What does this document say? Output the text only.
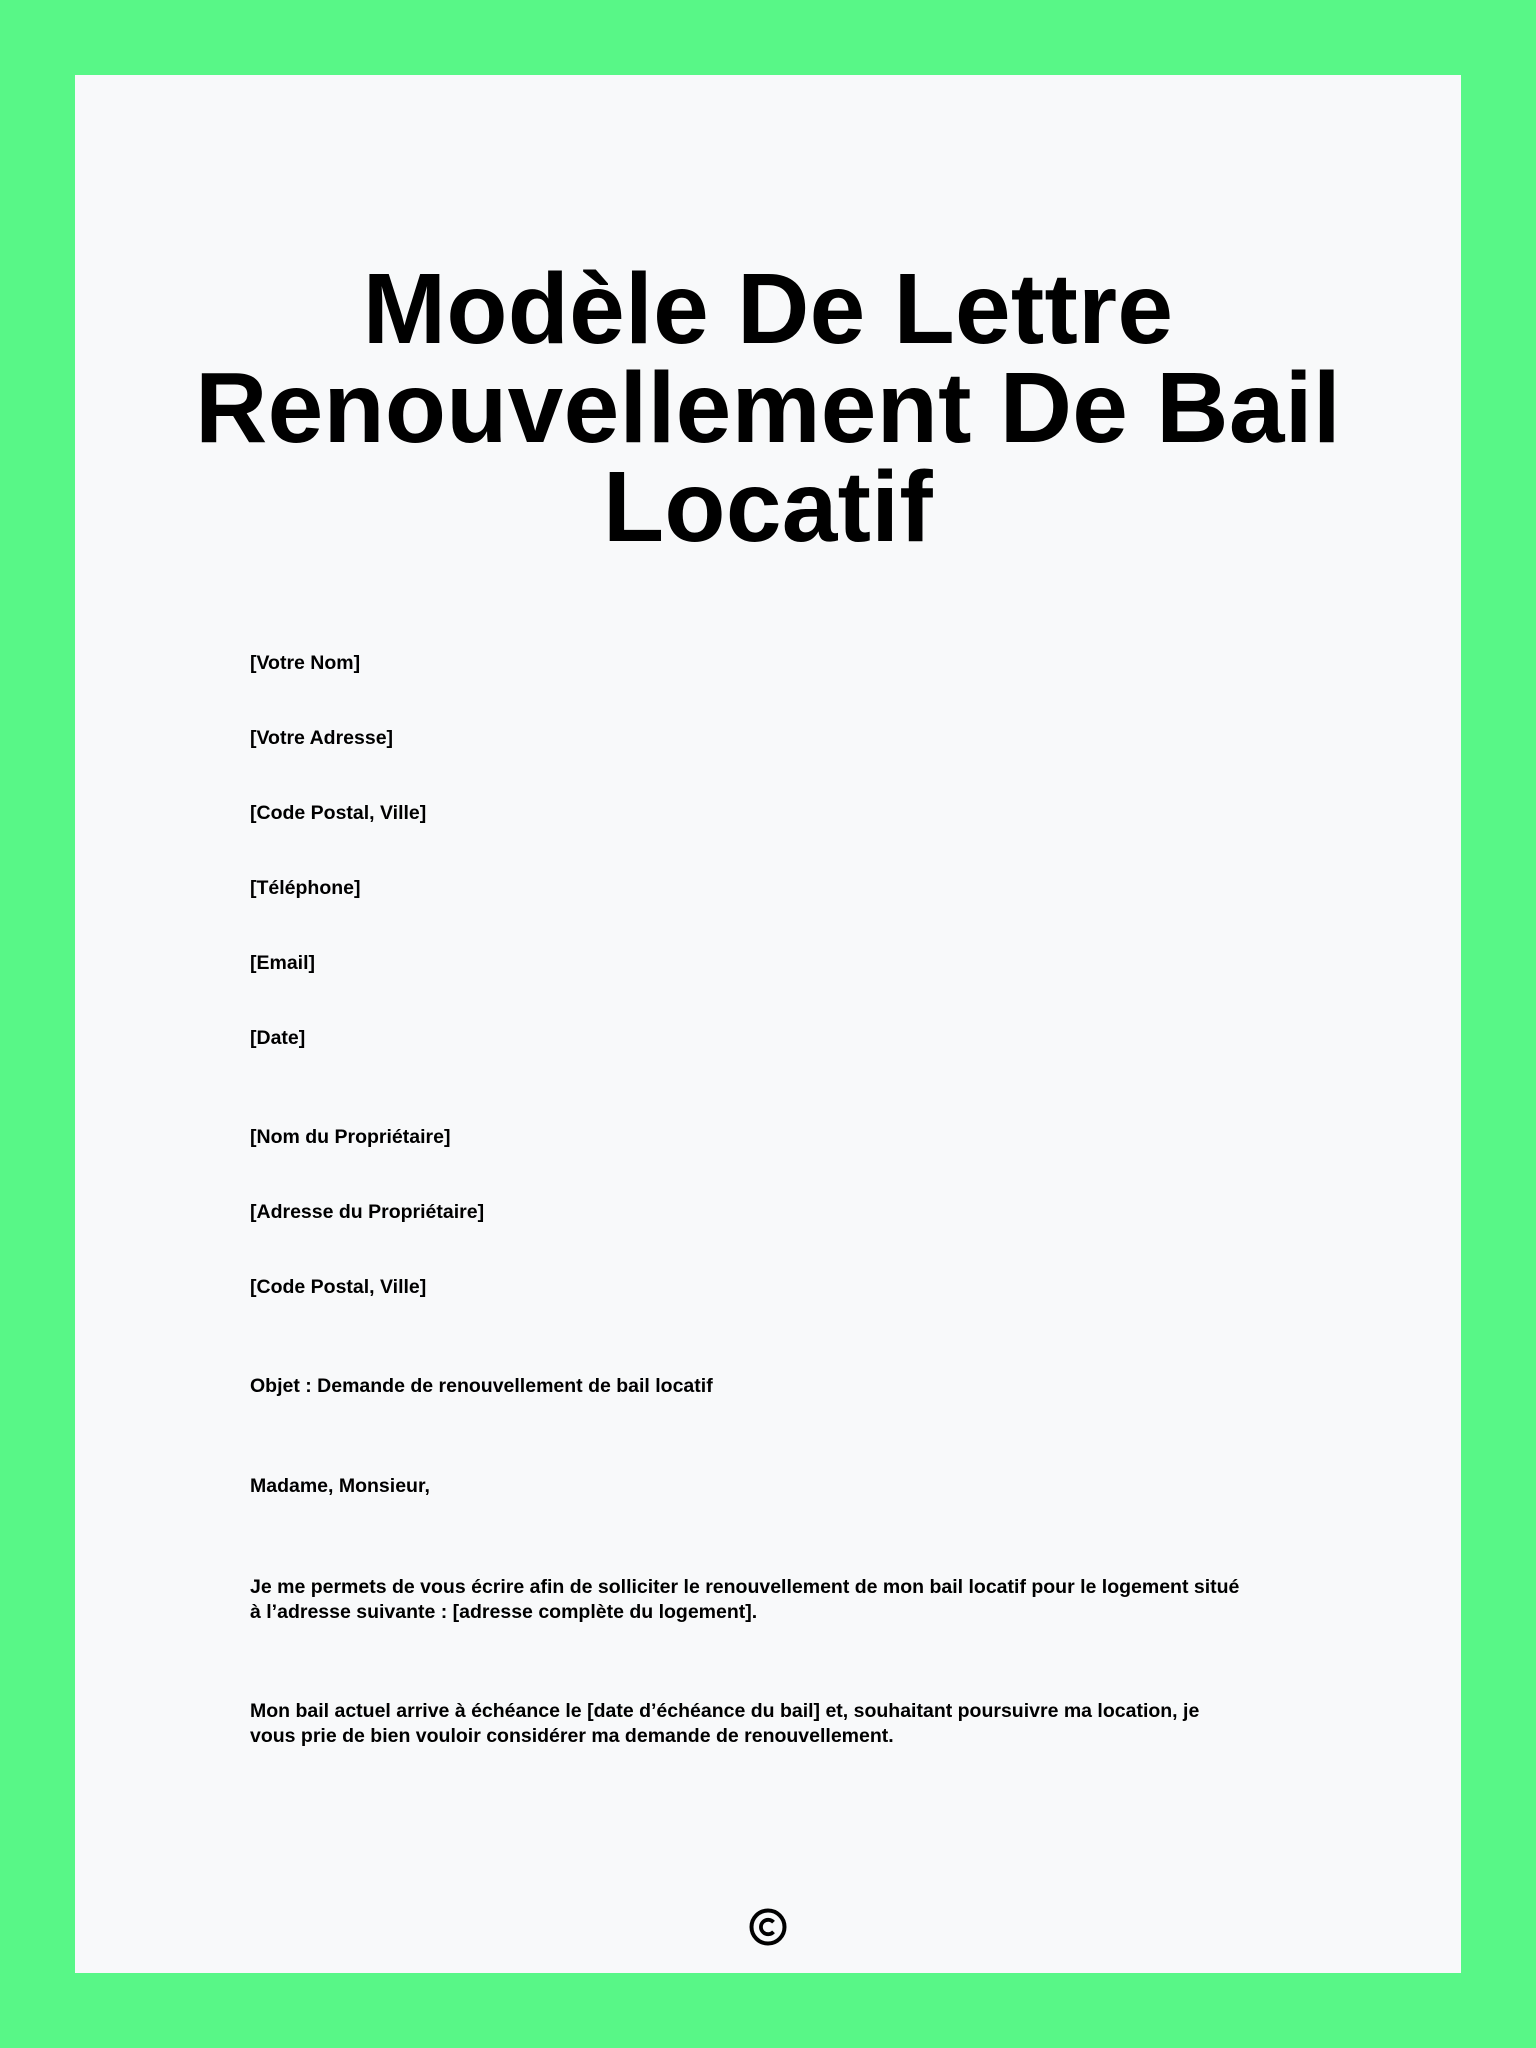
Modèle De Lettre
Renouvellement De Bail
Locatif

[Votre Nom]

[Votre Adresse]

[Code Postal, Ville]

[Téléphone]

[Email]

[Date]

[Nom du Propriétaire]

[Adresse du Propriétaire]

[Code Postal, Ville]

Objet : Demande de renouvellement de bail locatif

Madame, Monsieur,

Je me permets de vous écrire afin de solliciter le renouvellement de mon bail locatif pour le logement situé
à l’adresse suivante : [adresse complète du logement].
Mon bail actuel arrive à échéance le [date d’échéance du bail] et, souhaitant poursuivre ma location, je
vous prie de bien vouloir considérer ma demande de renouvellement.
